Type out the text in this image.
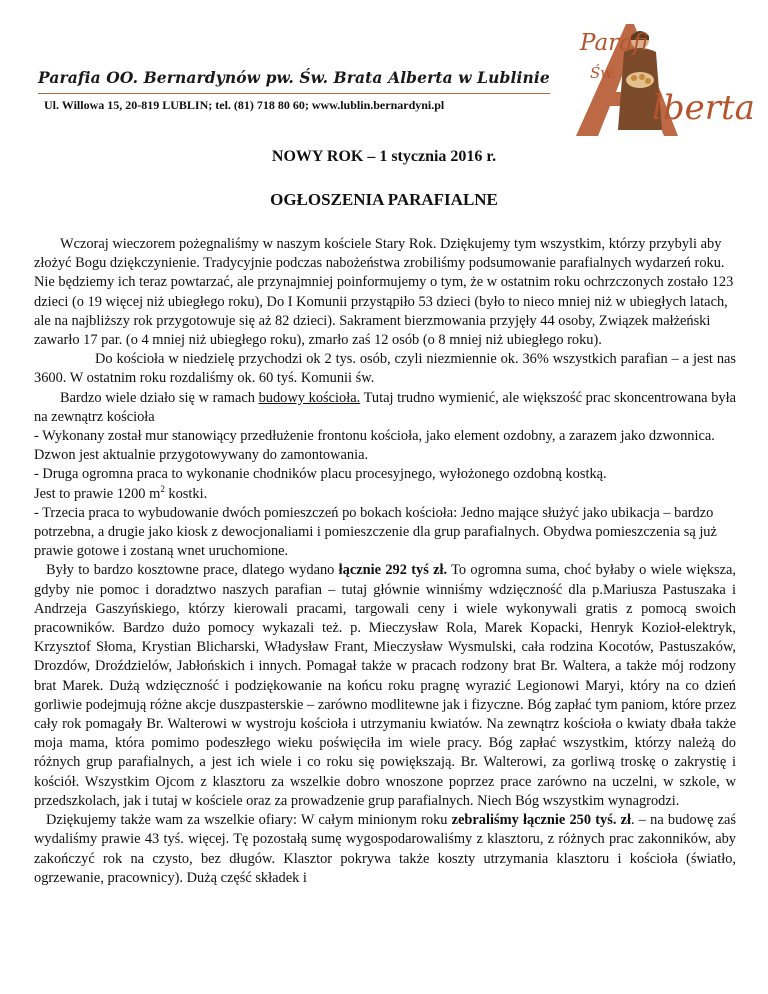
Parafia OO. Bernardynów pw. Św. Brata Alberta w Lublinie
Ul. Willowa 15, 20-819 LUBLIN; tel. (81) 718 80 60; www.lublin.bernardyni.pl
Parafi
Św.
lberta
NOWY ROK – 1 stycznia 2016 r.
OGŁOSZENIA PARAFIALNE

Wczoraj wieczorem pożegnaliśmy w naszym kościele Stary Rok. Dziękujemy tym wszystkim, którzy przybyli aby złożyć Bogu dziękczynienie. Tradycyjnie podczas nabożeństwa zrobiliśmy podsumowanie parafialnych wydarzeń roku. Nie będziemy ich teraz powtarzać, ale przynajmniej poinformujemy o tym, że w ostatnim roku ochrzczonych zostało 123 dzieci (o 19 więcej niż ubiegłego roku), Do I Komunii przystąpiło 53 dzieci (było to nieco mniej niż w ubiegłych latach, ale na najbliższy rok przygotowuje się aż 82 dzieci). Sakrament bierzmowania przyjęły 44 osoby, Związek małżeński zawarło 17 par. (o 4 mniej niż ubiegłego roku), zmarło zaś 12 osób (o 8 mniej niż ubiegłego roku).

Do kościoła w niedzielę przychodzi ok 2 tys. osób, czyli niezmiennie ok. 36% wszystkich parafian – a jest nas 3600. W ostatnim roku rozdaliśmy ok. 60 tyś. Komunii św.

Bardzo wiele działo się w ramach budowy kościoła. Tutaj trudno wymienić, ale większość prac skoncentrowana była na zewnątrz kościoła

- Wykonany został mur stanowiący przedłużenie frontonu kościoła, jako element ozdobny, a zarazem jako dzwonnica. Dzwon jest aktualnie przygotowywany do zamontowania.

- Druga ogromna praca to wykonanie chodników placu procesyjnego, wyłożonego ozdobną kostką.
Jest to prawie 1200 $m^2$ kostki.

- Trzecia praca to wybudowanie dwóch pomieszczeń po bokach kościoła: Jedno mające służyć jako ubikacja – bardzo potrzebna, a drugie jako kiosk z dewocjonaliami i pomieszczenie dla grup parafialnych. Obydwa pomieszczenia są już prawie gotowe i zostaną wnet uruchomione.

Były to bardzo kosztowne prace, dlatego wydano łącznie 292 tyś zł. To ogromna suma, choć byłaby o wiele większa, gdyby nie pomoc i doradztwo naszych parafian – tutaj głównie winniśmy wdzięczność dla p.Mariusza Pastuszaka i Andrzeja Gaszyńskiego, którzy kierowali pracami, targowali ceny i wiele wykonywali gratis z pomocą swoich pracowników. Bardzo dużo pomocy wykazali też. p. Mieczysław Rola, Marek Kopacki, Henryk Kozioł-elektryk, Krzysztof Słoma, Krystian Blicharski, Władysław Frant, Mieczysław Wysmulski, cała rodzina Kocotów, Pastuszaków, Drozdów, Droździelów, Jabłońskich i innych. Pomagał także w pracach rodzony brat Br. Waltera, a także mój rodzony brat Marek. Dużą wdzięczność i podziękowanie na końcu roku pragnę wyrazić Legionowi Maryi, który na co dzień gorliwie podejmują różne akcje duszpasterskie – zarówno modlitewne jak i fizyczne. Bóg zapłać tym paniom, które przez cały rok pomagały Br. Walterowi w wystroju kościoła i utrzymaniu kwiatów. Na zewnątrz kościoła o kwiaty dbała także moja mama, która pomimo podeszłego wieku poświęciła im wiele pracy. Bóg zapłać wszystkim, którzy należą do różnych grup parafialnych, a jest ich wiele i co roku się powiększają. Br. Walterowi, za gorliwą troskę o zakrystię i kościół. Wszystkim Ojcom z klasztoru za wszelkie dobro wnoszone poprzez prace zarówno na uczelni, w szkole, w przedszkolach, jak i tutaj w kościele oraz za prowadzenie grup parafialnych. Niech Bóg wszystkim wynagrodzi.

Dziękujemy także wam za wszelkie ofiary: W całym minionym roku zebraliśmy łącznie 250 tyś. zł. – na budowę zaś wydaliśmy prawie 43 tyś. więcej. Tę pozostałą sumę wygospodarowaliśmy z klasztoru, z różnych prac zakonników, aby zakończyć rok na czysto, bez długów. Klasztor pokrywa także koszty utrzymania klasztoru i kościoła (światło, ogrzewanie, pracownicy). Dużą część składek i
